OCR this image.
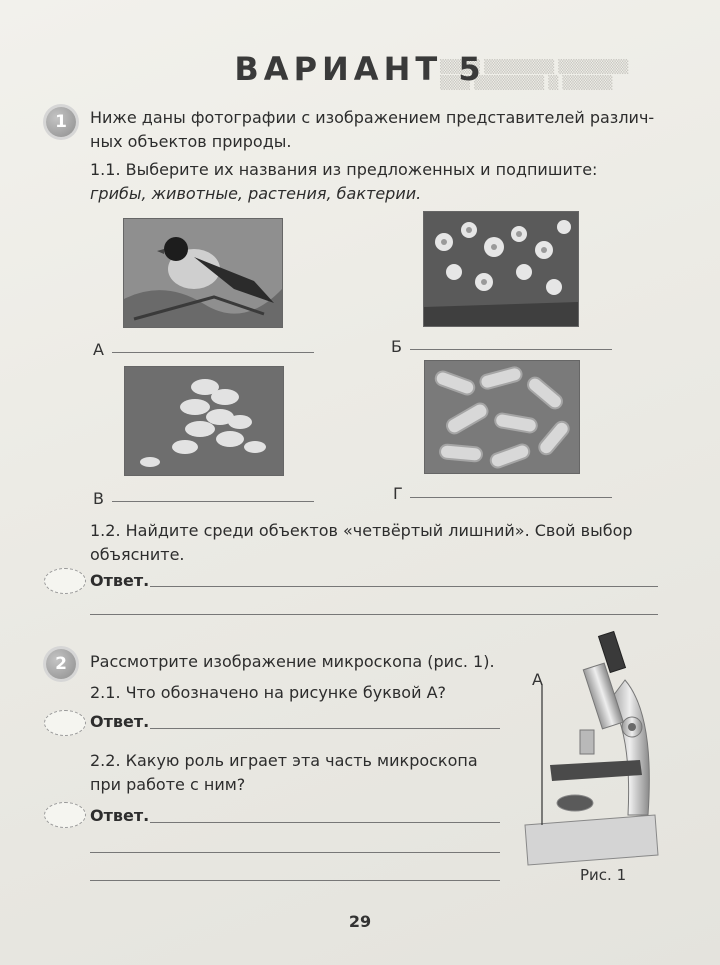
▒▒▒▒ ▒▒▒▒▒▒▒ ▒▒▒▒▒▒▒
▒▒▒ ▒▒▒▒▒▒▒ ▒ ▒▒▒▒▒
ВАРИАНТ 5
1	Ниже даны фотографии с изображением представителей различ-
ных объектов природы.
1.1. Выберите их названия из предложенных и подпишите:
грибы, животные, растения, бактерии.
А	Б
В	Г
1.2. Найдите среди объектов «четвёртый лишний». Свой выбор
объясните.
Ответ.
2	Рассмотрите изображение микроскопа (рис. 1).
2.1. Что обозначено на рисунке буквой А?
Ответ.
2.2. Какую роль играет эта часть микроскопа
при работе с ним?
Ответ.
А
Рис. 1
29
